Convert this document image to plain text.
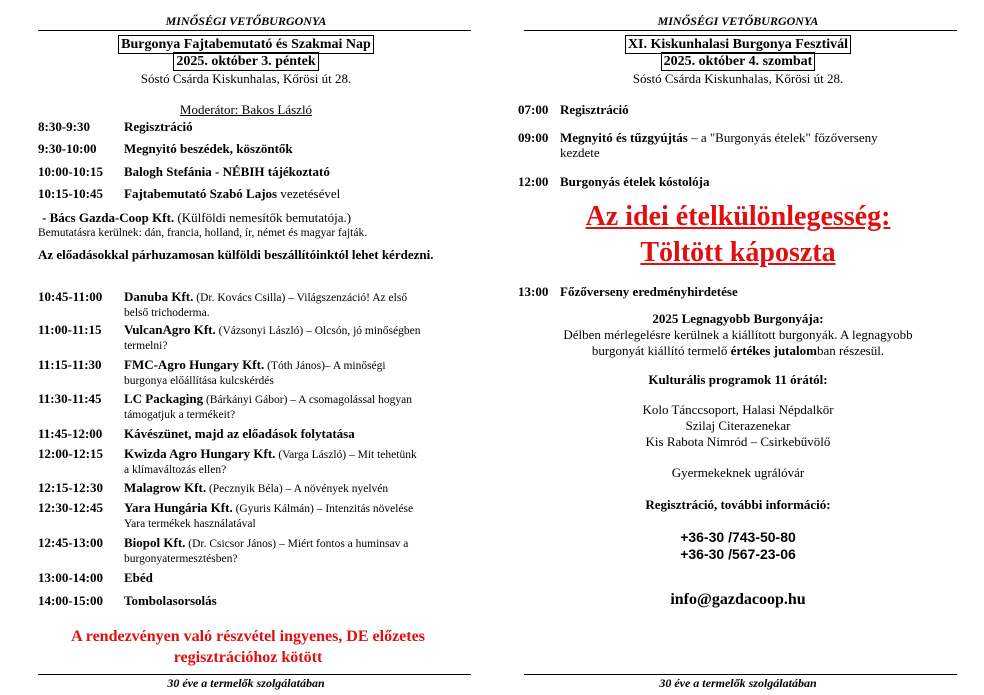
MINŐSÉGI VETŐBURGONYA
Burgonya Fajtabemutató és Szakmai Nap
2025. október 3. péntek
Sóstó Csárda Kiskunhalas, Kőrösi út 28.
Moderátor: Bakos László
8:30-9:30	Regisztráció
9:30-10:00 Megnyitó beszédek, köszöntők
10:00-10:15 Balogh Stefánia - NÉBIH tájékoztató
10:15-10:45 Fajtabemutató Szabó Lajos vezetésével
- Bács Gazda-Coop Kft. (Külföldi nemesítők bemutatója.)
Bemutatásra kerülnek: dán, francia, holland, ír, német és magyar fajták.
Az előadásokkal párhuzamosan külföldi beszállítóinktól lehet kérdezni.
10:45-11:00 Danuba Kft. (Dr. Kovács Csilla) – Világszenzáció! Az első
belső trichoderma.
11:00-11:15 VulcanAgro Kft. (Vázsonyi László) – Olcsón, jó minőségben
termelni?
11:15-11:30 FMC-Agro Hungary Kft. (Tóth János)– A minőségi
burgonya előállítása kulcskérdés
11:30-11:45 LC Packaging (Bárkányi Gábor) – A csomagolással hogyan
támogatjuk a termékeit?
11:45-12:00 Kávészünet, majd az előadások folytatása
12:00-12:15 Kwizda Agro Hungary Kft. (Varga László) – Mit tehetünk
a klímaváltozás ellen?
12:15-12:30 Malagrow Kft. (Pecznyik Béla) – A növények nyelvén
12:30-12:45 Yara Hungária Kft. (Gyuris Kálmán) – Intenzitás növelése
Yara termékek használatával
12:45-13:00 Biopol Kft. (Dr. Csicsor János) – Miért fontos a huminsav a
burgonyatermesztésben?
13:00-14:00 Ebéd
14:00-15:00 Tombolasorsolás
A rendezvényen való részvétel ingyenes, DE előzetes
regisztrációhoz kötött
30 éve a termelők szolgálatában
MINŐSÉGI VETŐBURGONYA
XI. Kiskunhalasi Burgonya Fesztivál
2025. október 4. szombat
Sóstó Csárda Kiskunhalas, Kőrösi út 28.
07:00 Regisztráció
09:00 Megnyitó és tűzgyújtás – a "Burgonyás ételek" főzőverseny
kezdete
12:00 Burgonyás ételek kóstolója
Az idei ételkülönlegesség:
Töltött káposzta
13:00 Főzőverseny eredményhirdetése
2025 Legnagyobb Burgonyája:
Délben mérlegelésre kerülnek a kiállított burgonyák. A legnagyobb
burgonyát kiállító termelő értékes jutalomban részesül.
Kulturális programok 11 órától:
Kolo Tánccsoport, Halasi Népdalkör
Szilaj Citerazenekar
Kis Rabota Nimród – Csirkebűvölő
Gyermekeknek ugrálóvár
Regisztráció, további információ:
+36-30 /743-50-80
+36-30 /567-23-06
info@gazdacoop.hu
30 éve a termelők szolgálatában
